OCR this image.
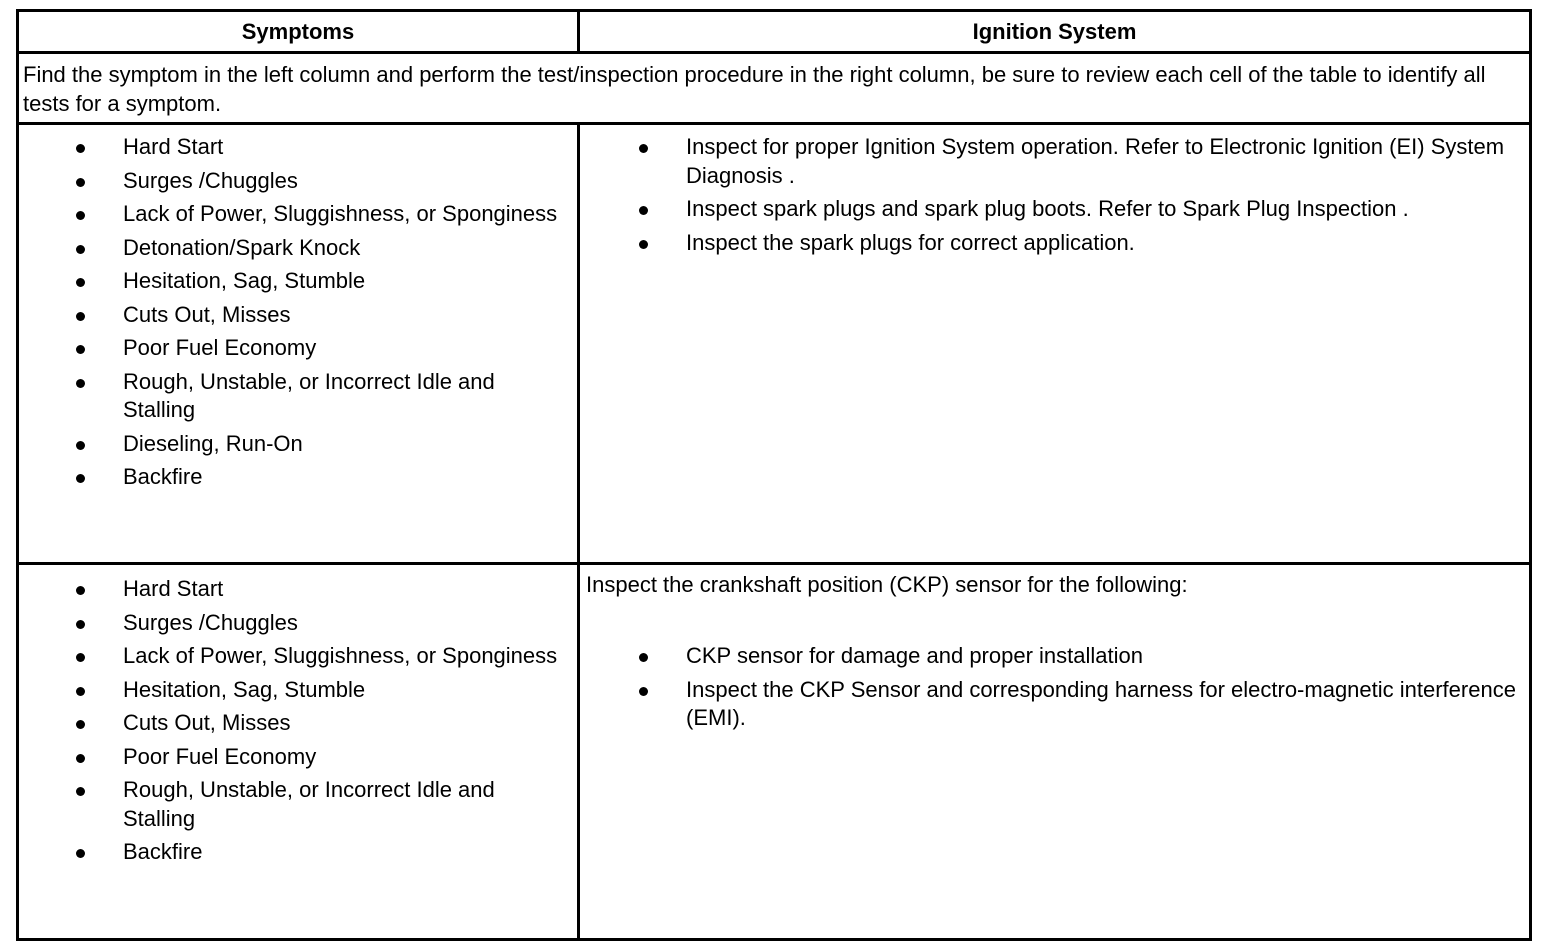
Symptoms	Ignition System
Find the symptom in the left column and perform the test/inspection procedure in the right column, be sure to review each cell of the table to identify all tests for a symptom.
Hard Start
Surges /Chuggles
Lack of Power, Sluggishness, or Sponginess
Detonation/Spark Knock
Hesitation, Sag, Stumble
Cuts Out, Misses
Poor Fuel Economy
Rough, Unstable, or Incorrect Idle and Stalling
Dieseling, Run-On
Backfire
Inspect for proper Ignition System operation. Refer to Electronic Ignition (EI) System Diagnosis .
Inspect spark plugs and spark plug boots. Refer to Spark Plug Inspection .
Inspect the spark plugs for correct application.
Hard Start
Surges /Chuggles
Lack of Power, Sluggishness, or Sponginess
Hesitation, Sag, Stumble
Cuts Out, Misses
Poor Fuel Economy
Rough, Unstable, or Incorrect Idle and Stalling
Backfire
Inspect the crankshaft position (CKP) sensor for the following:
CKP sensor for damage and proper installation
Inspect the CKP Sensor and corresponding harness for electro-magnetic interference (EMI).
